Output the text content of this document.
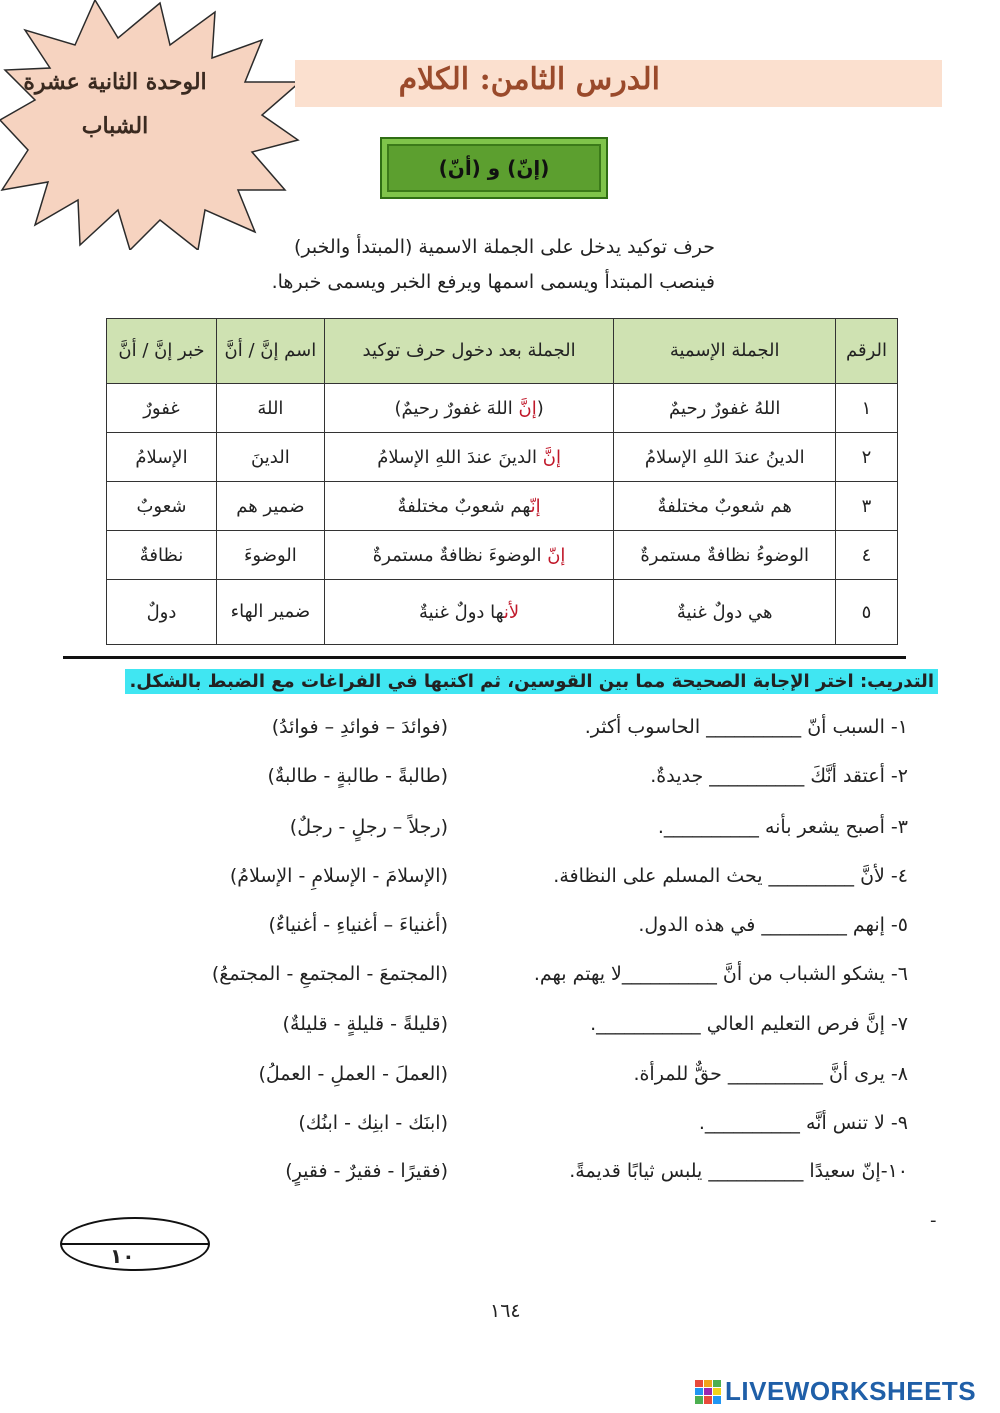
الوحدة الثانية عشرة
الشباب
الدرس الثامن: الكلام
(إنّ) و (أنّ)
حرف توكيد يدخل على الجملة الاسمية (المبتدأ والخبر)
فينصب المبتدأ ويسمى اسمها ويرفع الخبر ويسمى خبرها.
الرقم	الجملة الإسمية	الجملة بعد دخول حرف توكيد	اسم إنَّ / أنَّ	خبر إنَّ / أنَّ
١	اللهُ غفورٌ رحيمٌ	(إنَّ اللهَ غفورٌ رحيمٌ)	اللهَ	غفورٌ
٢	الدينُ عندَ اللهِ الإسلامُ	إنَّ الدينَ عندَ اللهِ الإسلامُ	الدينَ	الإسلامُ
٣	هم شعوبٌ مختلفةٌ	إنّهم شعوبٌ مختلفةٌ	ضمير هم	شعوبٌ
٤	الوضوءُ نظافةٌ مستمرةٌ	إنّ الوضوءَ نظافةٌ مستمرةٌ	الوضوءَ	نظافةٌ
٥	هي دولٌ غنيةٌ	لأنها دولٌ غنيةٌ	ضمير الهاء	دولٌ
التدريب: اختر الإجابة الصحيحة مما بين القوسين، ثم اكتبها في الفراغات مع الضبط بالشكل.
١- السبب أنّ __________ الحاسوب أكثر.
(فوائدَ – فوائدِ – فوائدُ)
٢- أعتقد أنَّكَ __________ جديدةٌ.
(طالبةً - طالبةٍ - طالبةٌ)
٣- أصبح يشعر بأنه __________.
(رجلاً – رجلٍ - رجلٌ)
٤- لأنَّ _________ يحث المسلم على النظافة.
(الإسلامَ - الإسلامِ - الإسلامُ)
٥- إنهم _________ في هذه الدول.
(أغنياءَ – أغنياءِ - أغنياءٌ)
٦- يشكو الشباب من أنَّ __________لا يهتم بهم.
(المجتمعَ - المجتمعِ - المجتمعُ)
٧- إنَّ فرص التعليم العالي ___________.
(قليلةً - قليلةٍ - قليلةٌ)
٨- يرى أنَّ __________ حقٌّ للمرأة.
(العملَ - العملِ - العملُ)
٩- لا تنس أنَّه __________.
(ابنَك - ابنِك - ابنُك)
١٠-إنّ سعيدًا __________ يلبس ثيابًا قديمةً.
(فقيرًا - فقيرٌ - فقيرٍ)
-
١٠
١٦٤
LIVEWORKSHEETS
